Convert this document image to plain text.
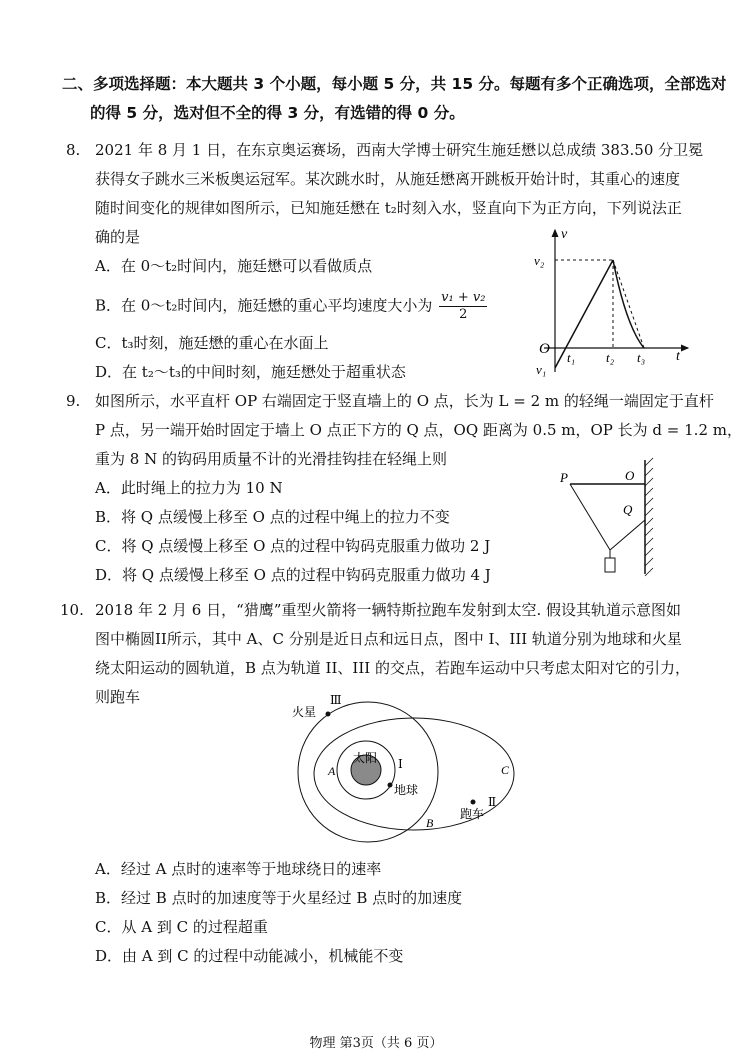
二、多项选择题：本大题共 3 个小题，每小题 5 分，共 15 分。每题有多个正确选项，全部选对
的得 5 分，选对但不全的得 3 分，有选错的得 0 分。
8. 2021 年 8 月 1 日，在东京奥运赛场，西南大学博士研究生施廷懋以总成绩 383.50 分卫冕
获得女子跳水三米板奥运冠军。某次跳水时，从施廷懋离开跳板开始计时，其重心的速度
随时间变化的规律如图所示，已知施廷懋在 t₂时刻入水，竖直向下为正方向，下列说法正
确的是
A．在 0～t₂时间内，施廷懋可以看做质点
B．在 0～t₂时间内，施廷懋的重心平均速度大小为 $\frac{\text{v₁ + v₂}}{2}$
C．t₃时刻，施廷懋的重心在水面上
D．在 t₂～t₃的中间时刻，施廷懋处于超重状态
v
v₂
O
v₁
t₁ t₂ t₃ t
9. 如图所示，水平直杆 OP 右端固定于竖直墙上的 O 点，长为 L = 2 m 的轻绳一端固定于直杆
P 点，另一端开始时固定于墙上 O 点正下方的 Q 点，OQ 距离为 0.5 m，OP 长为 d = 1.2 m，
重为 8 N 的钩码用质量不计的光滑挂钩挂在轻绳上则
A．此时绳上的拉力为 10 N
B．将 Q 点缓慢上移至 O 点的过程中绳上的拉力不变
C．将 Q 点缓慢上移至 O 点的过程中钩码克服重力做功 2 J
D．将 Q 点缓慢上移至 O 点的过程中钩码克服重力做功 4 J
P	O
Q
10. 2018 年 2 月 6 日，“猎鹰”重型火箭将一辆特斯拉跑车发射到太空. 假设其轨道示意图如
图中椭圆II所示，其中 A、C 分别是近日点和远日点，图中 I、III 轨道分别为地球和火星
绕太阳运动的圆轨道，B 点为轨道 II、III 的交点，若跑车运动中只考虑太阳对它的引力，
则跑车	Ⅲ
火星
太阳 Ⅰ
A	C
地球
Ⅱ
跑车
B
A．经过 A 点时的速率等于地球绕日的速率
B．经过 B 点时的加速度等于火星经过 B 点时的加速度
C．从 A 到 C 的过程超重
D．由 A 到 C 的过程中动能减小，机械能不变
物理 第3页（共 6 页）
